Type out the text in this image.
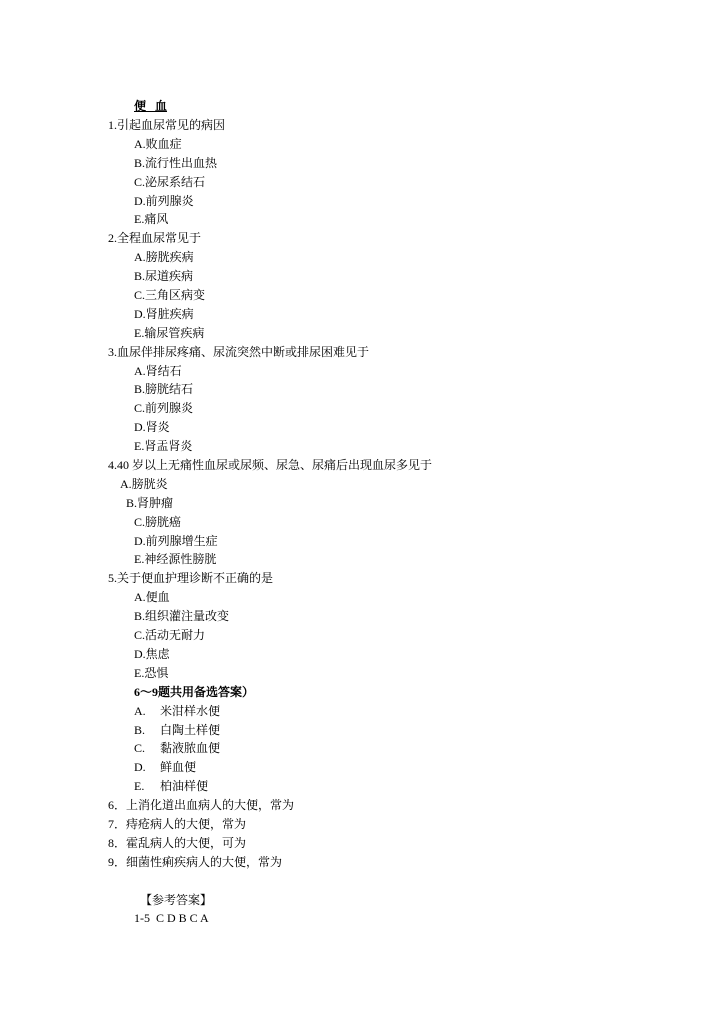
便 血
1.引起血尿常见的病因
A.败血症
B.流行性出血热
C.泌尿系结石
D.前列腺炎
E.痛风
2.全程血尿常见于
A.膀胱疾病
B.尿道疾病
C.三角区病变
D.肾脏疾病
E.输尿管疾病
3.血尿伴排尿疼痛、尿流突然中断或排尿困难见于
A.肾结石
B.膀胱结石
C.前列腺炎
D.肾炎
E.肾盂肾炎
4.40 岁以上无痛性血尿或尿频、尿急、尿痛后出现血尿多见于
A.膀胱炎
B.肾肿瘤
C.膀胱癌
D.前列腺增生症
E.神经源性膀胱
5.关于便血护理诊断不正确的是
A.便血
B.组织灌注量改变
C.活动无耐力
D.焦虑
E.恐惧
6～9题共用备选答案）
A. 米泔样水便
B. 白陶土样便
C. 黏液脓血便
D. 鲜血便
E. 柏油样便
6．上消化道出血病人的大便，常为
7．痔疮病人的大便，常为
8．霍乱病人的大便，可为
9．细菌性痢疾病人的大便，常为
【参考答案】
1-5  C D B C A
